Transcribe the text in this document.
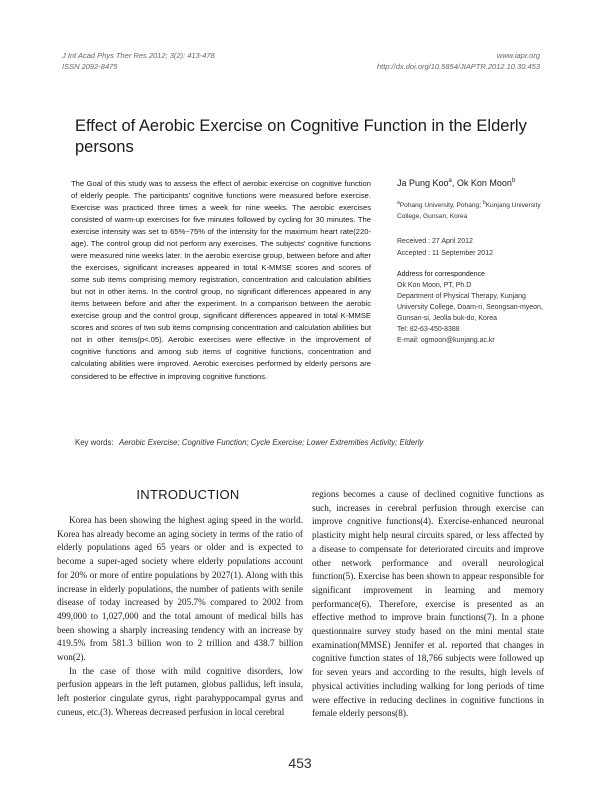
J Int Acad Phys Ther Res 2012; 3(2): 413-478
ISSN 2092-8475
www.iapr.org
http://dx.doi.org/10.5854/JIAPTR.2012.10.30.453
Effect of Aerobic Exercise on Cognitive Function in the Elderly persons
The Goal of this study was to assess the effect of aerobic exercise on cognitive function of elderly people. The participants' cognitive functions were measured before exercise. Exercise was practiced three times a week for nine weeks. The aerobic exercises consisted of warm-up exercises for five minutes followed by cycling for 30 minutes. The exercise intensity was set to 65%~75% of the intensity for the maximum heart rate(220-age). The control group did not perform any exercises. The subjects' cognitive functions were measured nine weeks later. In the aerobic exercise group, between before and after the exercises, significant increases appeared in total K-MMSE scores and scores of some sub items comprising memory registration, concentration and calculation abilities but not in other items. In the control group, no significant differences appeared in any items between before and after the experiment. In a comparison between the aerobic exercise group and the control group, significant differences appeared in total K-MMSE scores and scores of two sub items comprising concentration and calculation abilities but not in other items(p<.05). Aerobic exercises were effective in the improvement of cognitive functions and among sub items of cognitive functions, concentration and calculating abilities were improved. Aerobic exercises performed by elderly persons are considered to be effective in improving cognitive functions.
Ja Pung Koo$^a$, Ok Kon Moon$^b$
$^a$Pohang University, Pohang; $^b$Kunjang University College, Gunsan, Korea
Received : 27 April 2012
Accepted : 11 September 2012
Address for correspondence
Ok Kon Moon, PT, Ph.D
Department of Physical Therapy, Kunjang University College, Doam-ri, Seongsan-myeon, Gunsan-si, Jeolla buk-do, Korea
Tel: 82-63-450-8388
E-mail: ogmoon@kunjang.ac.kr
Key words: Aerobic Exercise; Cognitive Function; Cycle Exercise; Lower Extremities Activity; Elderly
INTRODUCTION

Korea has been showing the highest aging speed in the world. Korea has already become an aging society in terms of the ratio of elderly populations aged 65 years or older and is expected to become a super-aged society where elderly populations account for 20% or more of entire populations by 2027(1). Along with this increase in elderly populations, the number of patients with senile disease of today increased by 205.7% compared to 2002 from 499,000 to 1,027,000 and the total amount of medical bills has been showing a sharply increasing tendency with an increase by 419.5% from 581.3 billion won to 2 trillion and 438.7 billion won(2).

In the case of those with mild cognitive disorders, low perfusion appears in the left putamen, globus pallidus, left insula, left posterior cingulate gyrus, right parahyppocampal gyrus and cuneus, etc.(3). Whereas decreased perfusion in local cerebral

regions becomes a cause of declined cognitive functions as such, increases in cerebral perfusion through exercise can improve cognitive functions(4). Exercise-enhanced neuronal plasticity might help neural circuits spared, or less affected by a disease to compensate for deteriorated circuits and improve other network performance and overall neurological function(5). Exercise has been shown to appear responsible for significant improvement in learning and memory performance(6). Therefore, exercise is presented as an effective method to improve brain functions(7). In a phone questionnaire survey study based on the mini mental state examination(MMSE) Jennifer et al. reported that changes in cognitive function states of 18,766 subjects were followed up for seven years and according to the results, high levels of physical activities including walking for long periods of time were effective in reducing declines in cognitive functions in female elderly persons(8).

453
